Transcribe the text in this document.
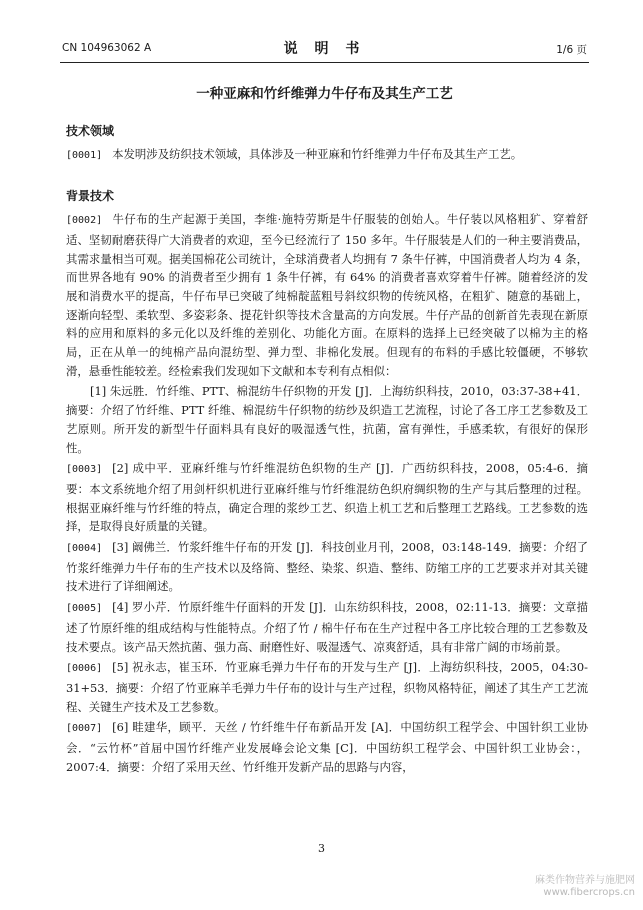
CN 104963062 A	说 明 书	1/6 页
一种亚麻和竹纤维弹力牛仔布及其生产工艺
技术领域

[0001] 本发明涉及纺织技术领域，具体涉及一种亚麻和竹纤维弹力牛仔布及其生产工艺。

背景技术

[0002] 牛仔布的生产起源于美国，李维·施特劳斯是牛仔服装的创始人。牛仔装以风格粗犷、穿着舒适、坚韧耐磨获得广大消费者的欢迎，至今已经流行了 150 多年。牛仔服装是人们的一种主要消费品，其需求量相当可观。据美国棉花公司统计，全球消费者人均拥有 7 条牛仔裤，中国消费者人均为 4 条，而世界各地有 90% 的消费者至少拥有 1 条牛仔裤，有 64% 的消费者喜欢穿着牛仔裤。随着经济的发展和消费水平的提高，牛仔布早已突破了纯棉靛蓝粗号斜纹织物的传统风格，在粗犷、随意的基础上，逐渐向轻型、柔软型、多姿彩条、提花针织等技术含量高的方向发展。牛仔产品的创新首先表现在新原料的应用和原料的多元化以及纤维的差别化、功能化方面。在原料的选择上已经突破了以棉为主的格局，正在从单一的纯棉产品向混纺型、弹力型、非棉化发展。但现有的布料的手感比较僵硬，不够软滑，悬垂性能较差。经检索我们发现如下文献和本专利有点相似：

[1] 朱远胜．竹纤维、PTT、棉混纺牛仔织物的开发 [J]．上海纺织科技，2010，03:37-38+41．摘要：介绍了竹纤维、PTT 纤维、棉混纺牛仔织物的纺纱及织造工艺流程，讨论了各工序工艺参数及工艺原则。所开发的新型牛仔面料具有良好的吸湿透气性，抗菌，富有弹性，手感柔软，有很好的保形性。

[0003] [2] 成中平．亚麻纤维与竹纤维混纺色织物的生产 [J]．广西纺织科技，2008，05:4-6．摘要：本文系统地介绍了用剑杆织机进行亚麻纤维与竹纤维混纺色织府绸织物的生产与其后整理的过程。根据亚麻纤维与竹纤维的特点，确定合理的浆纱工艺、织造上机工艺和后整理工艺路线。工艺参数的选择，是取得良好质量的关键。

[0004] [3] 阚佛兰．竹浆纤维牛仔布的开发 [J]．科技创业月刊，2008，03:148-149．摘要：介绍了竹浆纤维弹力牛仔布的生产技术以及络筒、整经、染浆、织造、整纬、防缩工序的工艺要求并对其关键技术进行了详细阐述。

[0005] [4] 罗小芹．竹原纤维牛仔面料的开发 [J]．山东纺织科技，2008，02:11-13．摘要：文章描述了竹原纤维的组成结构与性能特点。介绍了竹 / 棉牛仔布在生产过程中各工序比较合理的工艺参数及技术要点。该产品天然抗菌、强力高、耐磨性好、吸湿透气、凉爽舒适，具有非常广阔的市场前景。

[0006] [5] 祝永志，崔玉环．竹亚麻毛弹力牛仔布的开发与生产 [J]．上海纺织科技，2005，04:30-31+53．摘要：介绍了竹亚麻羊毛弹力牛仔布的设计与生产过程，织物风格特征，阐述了其生产工艺流程、关键生产技术及工艺参数。

[0007] [6] 畦建华，顾平．天丝 / 竹纤维牛仔布新品开发 [A]．中国纺织工程学会、中国针织工业协会．“云竹杯”首届中国竹纤维产业发展峰会论文集 [C]．中国纺织工程学会、中国针织工业协会：，2007:4．摘要：介绍了采用天丝、竹纤维开发新产品的思路与内容，

3
麻类作物营养与施肥网
www.fibercrops.cn
